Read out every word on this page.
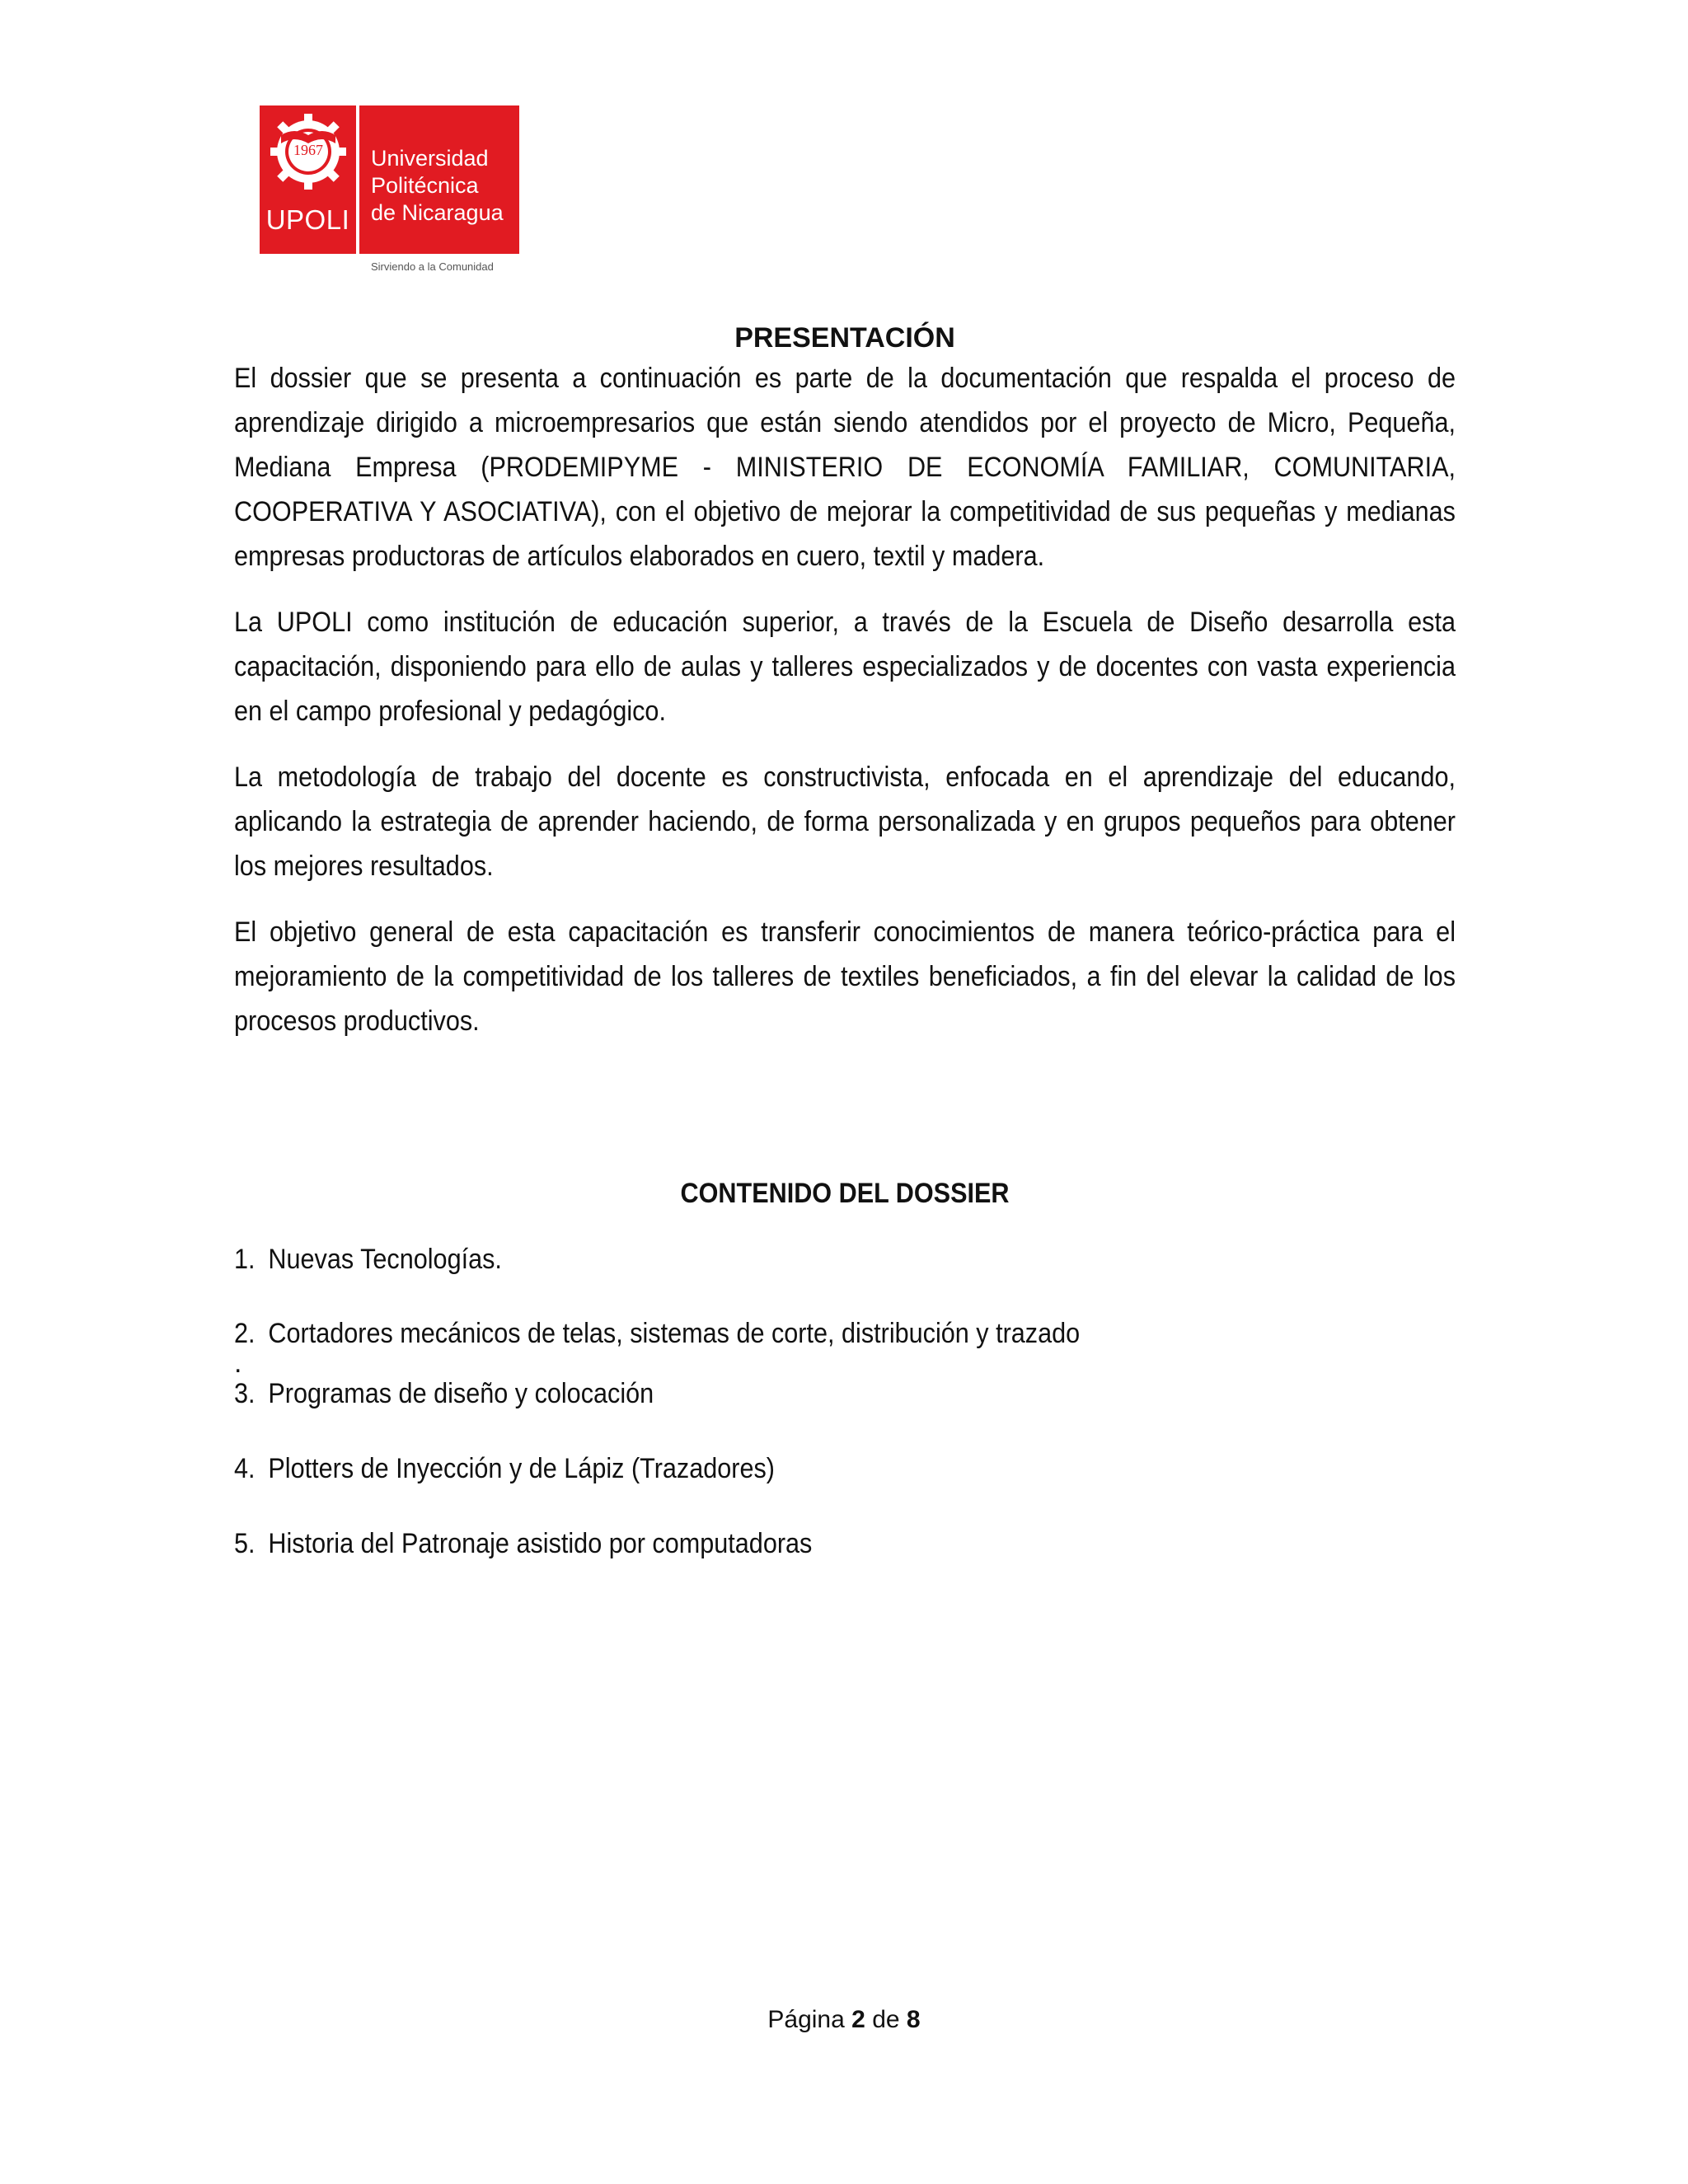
1967
UPOLI
Universidad
Politécnica
de Nicaragua
Sirviendo a la Comunidad
PRESENTACIÓN

El dossier que se presenta a continuación es parte de la documentación que respalda el proceso de aprendizaje dirigido a microempresarios que están siendo atendidos por el proyecto de Micro, Pequeña, Mediana Empresa (PRODEMIPYME - MINISTERIO DE ECONOMÍA FAMILIAR, COMUNITARIA, COOPERATIVA Y ASOCIATIVA), con el objetivo de mejorar la competitividad de sus pequeñas y medianas empresas productoras de artículos elaborados en cuero, textil y madera.

La UPOLI como institución de educación superior, a través de la Escuela de Diseño desarrolla esta capacitación, disponiendo para ello de aulas y talleres especializados y de docentes con vasta experiencia en el campo profesional y pedagógico.

La metodología de trabajo del docente es constructivista, enfocada en el aprendizaje del educando, aplicando la estrategia de aprender haciendo, de forma personalizada y en grupos pequeños para obtener los mejores resultados.

El objetivo general de esta capacitación es transferir conocimientos de manera teórico-práctica para el mejoramiento de la competitividad de los talleres de textiles beneficiados, a fin del elevar la calidad de los procesos productivos.

CONTENIDO DEL DOSSIER
1. Nuevas Tecnologías.
2. Cortadores mecánicos de telas, sistemas de corte, distribución y trazado
.
3. Programas de diseño y colocación
4. Plotters de Inyección y de Lápiz (Trazadores)
5. Historia del Patronaje asistido por computadoras
Página 2 de 8
